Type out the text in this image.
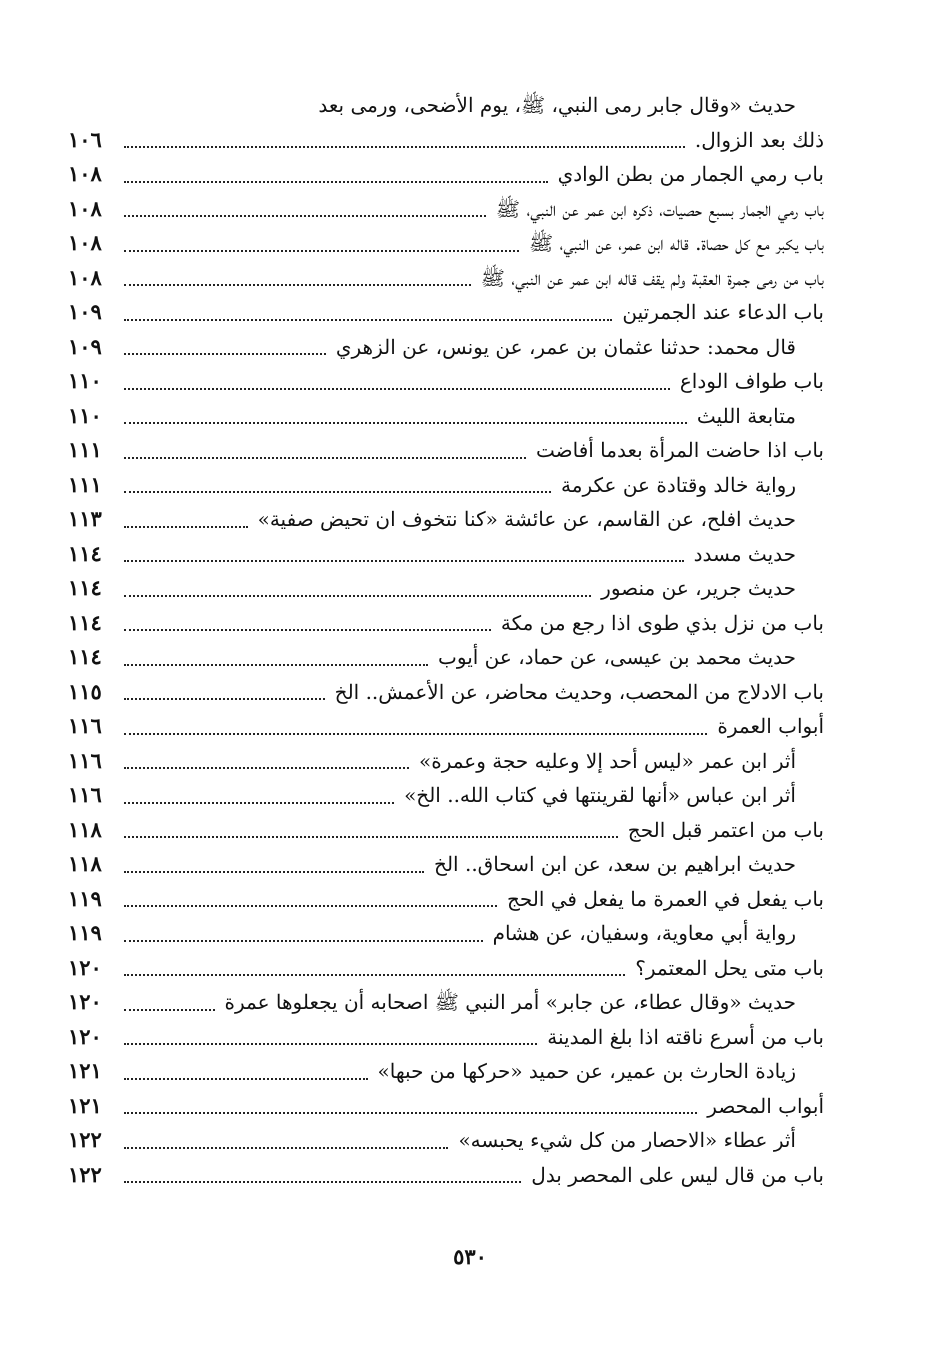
حديث «وقال جابر رمى النبي، ﷺ، يوم الأضحى، ورمى بعد
ذلك بعد الزوال.
١٠٦
باب رمي الجمار من بطن الوادي
١٠٨
باب رمي الجمار بسبع حصيات، ذكره ابن عمر عن النبي، ﷺ
١٠٨
باب يكبر مع كل حصاة. قاله ابن عمر، عن النبي، ﷺ
١٠٨
باب من رمى جمرة العقبة ولم يقف قاله ابن عمر عن النبي، ﷺ
١٠٨
باب الدعاء عند الجمرتين
١٠٩
قال محمد: حدثنا عثمان بن عمر، عن يونس، عن الزهري
١٠٩
باب طواف الوداع
١١٠
متابعة الليث
١١٠
باب اذا حاضت المرأة بعدما أفاضت
١١١
رواية خالد وقتادة عن عكرمة
١١١
حديث افلح، عن القاسم، عن عائشة «كنا نتخوف ان تحيض صفية»
١١٣
حديث مسدد
١١٤
حديث جرير، عن منصور
١١٤
باب من نزل بذي طوى اذا رجع من مكة
١١٤
حديث محمد بن عيسى، عن حماد، عن أيوب
١١٤
باب الادلاج من المحصب، وحديث محاضر، عن الأعمش.. الخ
١١٥
أبواب العمرة
١١٦
أثر ابن عمر «ليس أحد إلا وعليه حجة وعمرة»
١١٦
أثر ابن عباس «أنها لقرينتها في كتاب الله.. الخ»
١١٦
باب من اعتمر قبل الحج
١١٨
حديث ابراهيم بن سعد، عن ابن اسحاق.. الخ
١١٨
باب يفعل في العمرة ما يفعل في الحج
١١٩
رواية أبي معاوية، وسفيان، عن هشام
١١٩
باب متى يحل المعتمر؟
١٢٠
حديث «وقال عطاء، عن جابر» أمر النبي ﷺ اصحابه أن يجعلوها عمرة
١٢٠
باب من أسرع ناقته اذا بلغ المدينة
١٢٠
زيادة الحارث بن عمير، عن حميد «حركها من حبها»
١٢١
أبواب المحصر
١٢١
أثر عطاء «الاحصار من كل شيء يحبسه»
١٢٢
باب من قال ليس على المحصر بدل
١٢٢
٥٣٠
